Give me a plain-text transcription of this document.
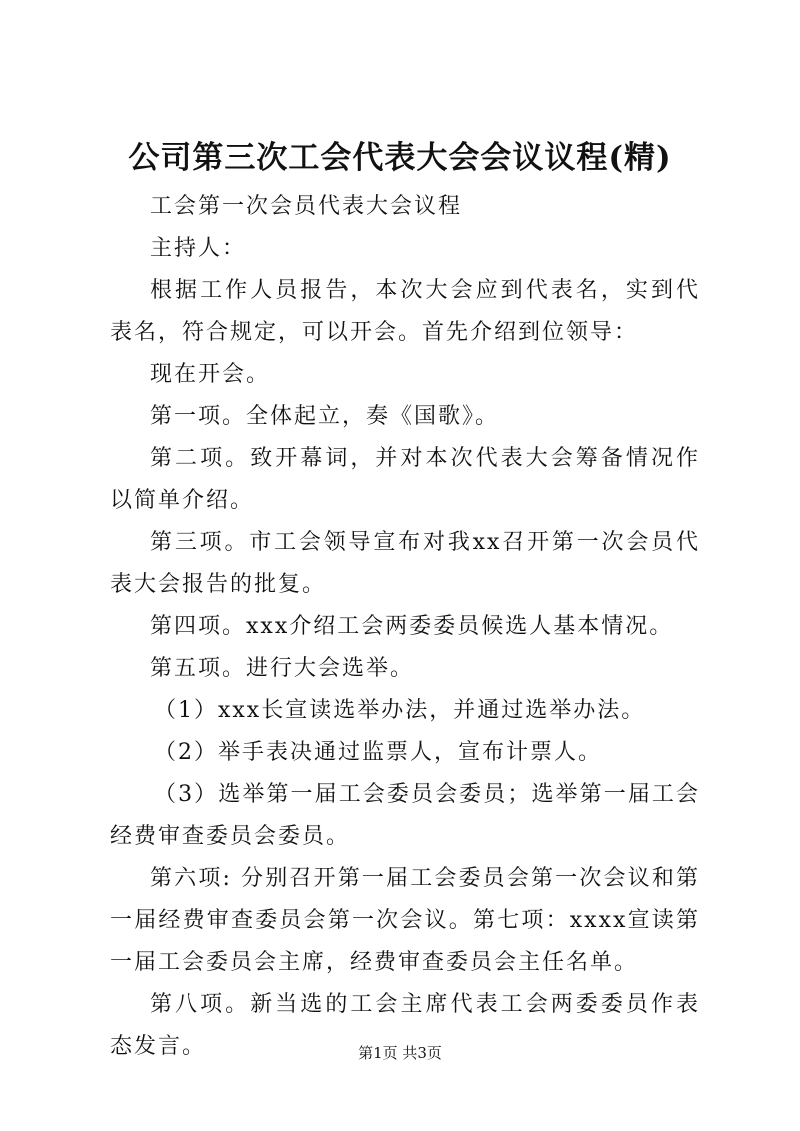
公司第三次工会代表大会会议议程(精)

工会第一次会员代表大会议程

主持人：

根据工作人员报告，本次大会应到代表名，实到代表名，符合规定，可以开会。首先介绍到位领导：

现在开会。

第一项。全体起立，奏《国歌》。

第二项。致开幕词，并对本次代表大会筹备情况作以简单介绍。

第三项。市工会领导宣布对我xx召开第一次会员代表大会报告的批复。

第四项。xxx介绍工会两委委员候选人基本情况。

第五项。进行大会选举。

（1）xxx长宣读选举办法，并通过选举办法。

（2）举手表决通过监票人，宣布计票人。

（3）选举第一届工会委员会委员；选举第一届工会经费审查委员会委员。

第六项: 分别召开第一届工会委员会第一次会议和第一届经费审查委员会第一次会议。第七项：xxxx宣读第一届工会委员会主席，经费审查委员会主任名单。

第八项。新当选的工会主席代表工会两委委员作表态发言。	第1页 共3页
